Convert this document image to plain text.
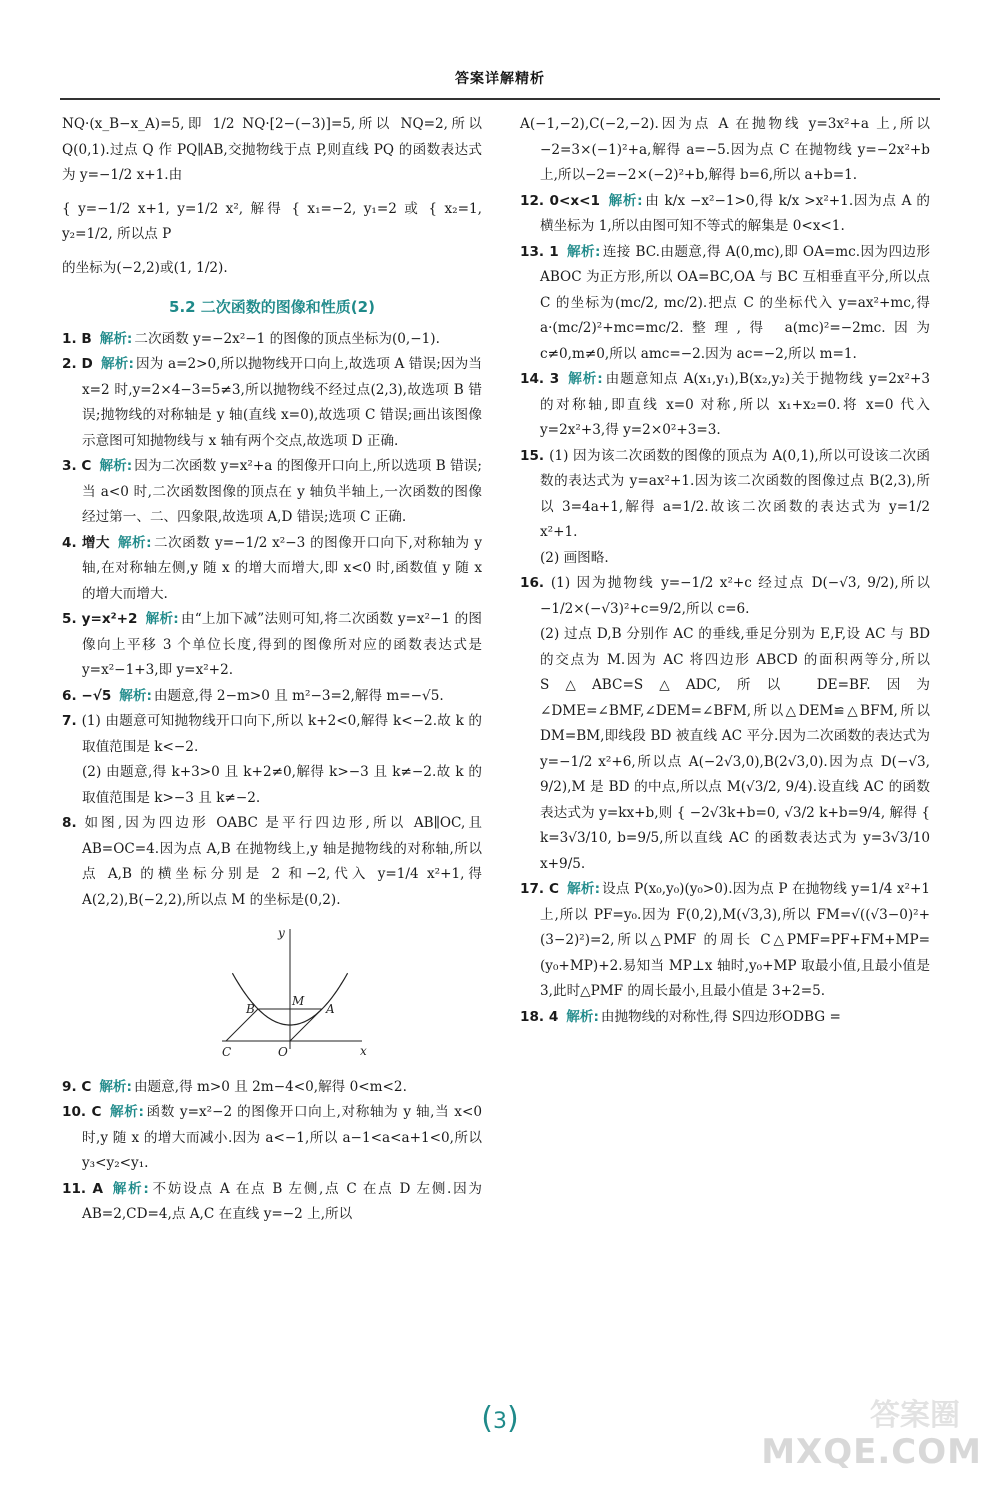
答案详解精析

NQ·(x_B−x_A)=5,即 1/2 NQ·[2−(−3)]=5,所以 NQ=2,所以 Q(0,1).过点 Q 作 PQ∥AB,交抛物线于点 P,则直线 PQ 的函数表达式为 y=−1/2 x+1.由

{ y=−1/2 x+1, y=1/2 x², 解得 { x₁=−2, y₁=2 或 { x₂=1, y₂=1/2, 所以点 P

的坐标为(−2,2)或(1, 1/2).

5.2 二次函数的图像和性质(2)

1. B 解析: 二次函数 y=−2x²−1 的图像的顶点坐标为(0,−1).

2. D 解析: 因为 a=2>0,所以抛物线开口向上,故选项 A 错误;因为当 x=2 时,y=2×4−3=5≠3,所以抛物线不经过点(2,3),故选项 B 错误;抛物线的对称轴是 y 轴(直线 x=0),故选项 C 错误;画出该图像示意图可知抛物线与 x 轴有两个交点,故选项 D 正确.

3. C 解析: 因为二次函数 y=x²+a 的图像开口向上,所以选项 B 错误;当 a<0 时,二次函数图像的顶点在 y 轴负半轴上,一次函数的图像经过第一、二、四象限,故选项 A,D 错误;选项 C 正确.

4. 增大 解析: 二次函数 y=−1/2 x²−3 的图像开口向下,对称轴为 y 轴,在对称轴左侧,y 随 x 的增大而增大,即 x<0 时,函数值 y 随 x 的增大而增大.

5. y=x²+2 解析: 由“上加下减”法则可知,将二次函数 y=x²−1 的图像向上平移 3 个单位长度,得到的图像所对应的函数表达式是 y=x²−1+3,即 y=x²+2.

6. −√5 解析: 由题意,得 2−m>0 且 m²−3=2,解得 m=−√5.

7. (1) 由题意可知抛物线开口向下,所以 k+2<0,解得 k<−2.故 k 的取值范围是 k<−2.

(2) 由题意,得 k+3>0 且 k+2≠0,解得 k>−3 且 k≠−2.故 k 的取值范围是 k>−3 且 k≠−2.

8. 如图,因为四边形 OABC 是平行四边形,所以 AB∥OC,且 AB=OC=4.因为点 A,B 在抛物线上,y 轴是抛物线的对称轴,所以点 A,B 的横坐标分别是 2 和−2,代入 y=1/4 x²+1,得 A(2,2),B(−2,2),所以点 M 的坐标是(0,2).

y
x
B
M
A
C	O

9. C 解析: 由题意,得 m>0 且 2m−4<0,解得 0<m<2.

10. C 解析: 函数 y=x²−2 的图像开口向上,对称轴为 y 轴,当 x<0 时,y 随 x 的增大而减小.因为 a<−1,所以 a−1<a<a+1<0,所以 y₃<y₂<y₁.

11. A 解析: 不妨设点 A 在点 B 左侧,点 C 在点 D 左侧.因为 AB=2,CD=4,点 A,C 在直线 y=−2 上,所以

A(−1,−2),C(−2,−2).因为点 A 在抛物线 y=3x²+a 上,所以−2=3×(−1)²+a,解得 a=−5.因为点 C 在抛物线 y=−2x²+b 上,所以−2=−2×(−2)²+b,解得 b=6,所以 a+b=1.

12. 0<x<1 解析: 由 k/x −x²−1>0,得 k/x >x²+1.因为点 A 的横坐标为 1,所以由图可知不等式的解集是 0<x<1.

13. 1 解析: 连接 BC.由题意,得 A(0,mc),即 OA=mc.因为四边形 ABOC 为正方形,所以 OA=BC,OA 与 BC 互相垂直平分,所以点 C 的坐标为(mc/2, mc/2).把点 C 的坐标代入 y=ax²+mc,得 a·(mc/2)²+mc=mc/2.整理,得 a(mc)²=−2mc.因为 c≠0,m≠0,所以 amc=−2.因为 ac=−2,所以 m=1.

14. 3 解析: 由题意知点 A(x₁,y₁),B(x₂,y₂)关于抛物线 y=2x²+3 的对称轴,即直线 x=0 对称,所以 x₁+x₂=0.将 x=0 代入 y=2x²+3,得 y=2×0²+3=3.

15. (1) 因为该二次函数的图像的顶点为 A(0,1),所以可设该二次函数的表达式为 y=ax²+1.因为该二次函数的图像过点 B(2,3),所以 3=4a+1,解得 a=1/2.故该二次函数的表达式为 y=1/2 x²+1.

(2) 画图略.

16. (1) 因为抛物线 y=−1/2 x²+c 经过点 D(−√3, 9/2),所以−1/2×(−√3)²+c=9/2,所以 c=6.

(2) 过点 D,B 分别作 AC 的垂线,垂足分别为 E,F,设 AC 与 BD 的交点为 M.因为 AC 将四边形 ABCD 的面积两等分,所以 S△ABC=S△ADC,所以 DE=BF.因为∠DME=∠BMF,∠DEM=∠BFM,所以△DEM≌△BFM,所以 DM=BM,即线段 BD 被直线 AC 平分.因为二次函数的表达式为 y=−1/2 x²+6,所以点 A(−2√3,0),B(2√3,0).因为点 D(−√3, 9/2),M 是 BD 的中点,所以点 M(√3/2, 9/4).设直线 AC 的函数表达式为 y=kx+b,则 { −2√3k+b=0, √3/2 k+b=9/4, 解得 { k=3√3/10, b=9/5,所以直线 AC 的函数表达式为 y=3√3/10 x+9/5.

17. C 解析: 设点 P(x₀,y₀)(y₀>0).因为点 P 在抛物线 y=1/4 x²+1 上,所以 PF=y₀.因为 F(0,2),M(√3,3),所以 FM=√((√3−0)²+(3−2)²)=2,所以△PMF 的周长 C△PMF=PF+FM+MP=(y₀+MP)+2.易知当 MP⊥x 轴时,y₀+MP 取最小值,且最小值是 3,此时△PMF 的周长最小,且最小值是 3+2=5.

18. 4 解析: 由抛物线的对称性,得 S四边形ODBG =

(3)	答案圈
MXQE.COM
